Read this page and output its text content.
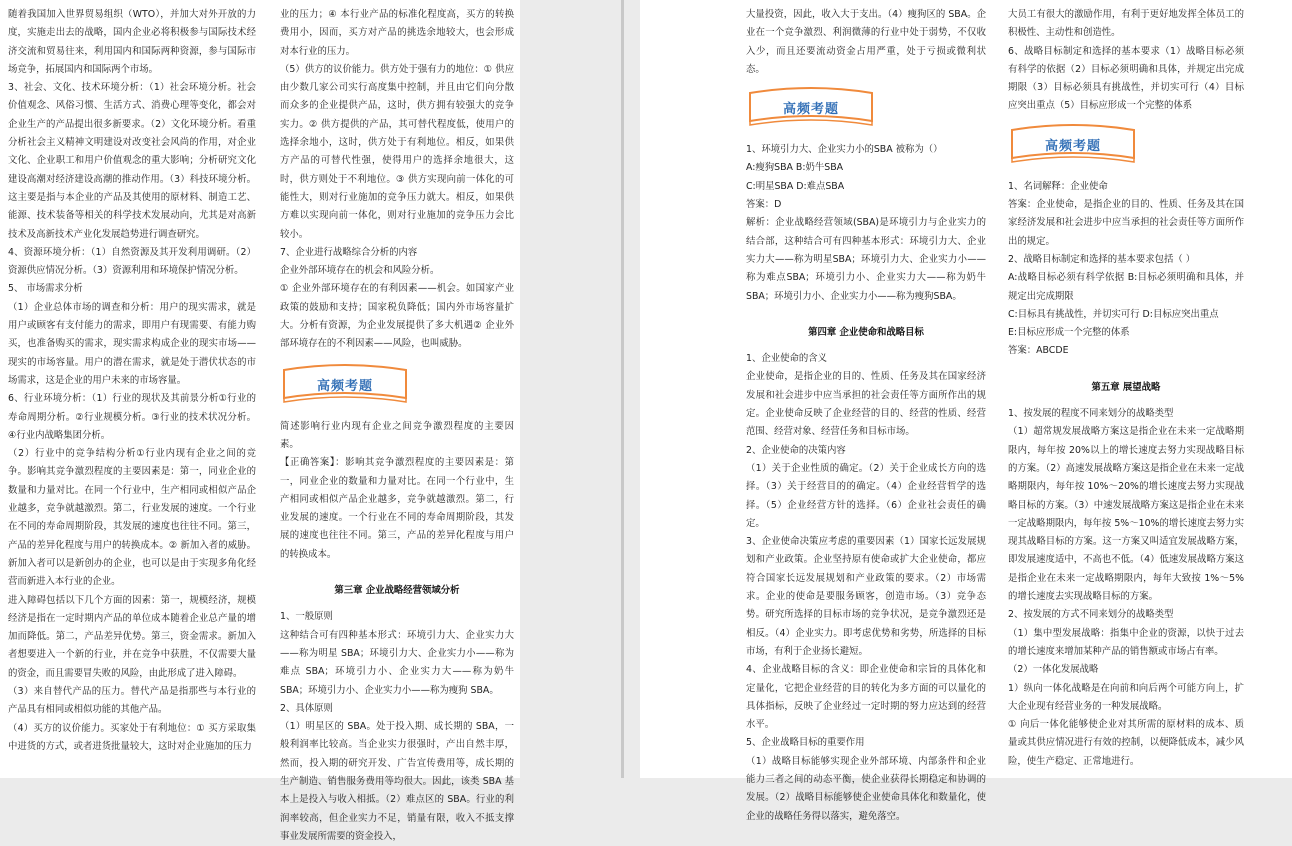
随着我国加入世界贸易组织（WTO），并加大对外开放的力度，实施走出去的战略，国内企业必将积极参与国际技术经济交流和贸易往来，利用国内和国际两种资源，参与国际市场竞争，拓展国内和国际两个市场。
3、社会、文化、技术环境分析：（1）社会环境分析。社会价值观念、风俗习惯、生活方式、消费心理等变化，都会对企业生产的产品提出很多新要求。（2）文化环境分析。看重分析社会主义精神文明建设对改变社会风尚的作用，对企业文化、企业职工和用户价值观念的重大影响；分析研究文化建设高潮对经济建设高潮的推动作用。（3）科技环境分析。这主要是指与本企业的产品及其使用的原材料、制造工艺、能源、技术装备等相关的科学技术发展动向，尤其是对高新技术及高新技术产业化发展趋势进行调查研究。
4、资源环境分析：（1）自然资源及其开发利用调研。（2）资源供应情况分析。（3）资源利用和环境保护情况分析。
5、 市场需求分析
（1）企业总体市场的调查和分析：用户的现实需求，就是用户或顾客有支付能力的需求，即用户有现需要、有能力购买，也准备购买的需求，现实需求构成企业的现实市场——现实的市场容量。用户的潜在需求，就是处于潜伏状态的市场需求，这是企业的用户未来的市场容量。
6、行业环境分析：（1）行业的现状及其前景分析①行业的寿命周期分析。②行业规模分析。③行业的技术状况分析。④行业内战略集团分析。
（2）行业中的竞争结构分析①行业内现有企业之间的竞争。影响其竞争激烈程度的主要因素是：第一，同业企业的数量和力量对比。在同一个行业中，生产相同或相似产品企业越多，竞争就越激烈。第二，行业发展的速度。一个行业在不同的寿命周期阶段，其发展的速度也往往不同。第三，产品的差异化程度与用户的转换成本。② 新加入者的威胁。新加入者可以是新创办的企业，也可以是由于实现多角化经营而新进入本行业的企业。
进入障碍包括以下几个方面的因素：第一，规模经济，规模经济是指在一定时期内产品的单位成本随着企业总产量的增加而降低。第二，产品差异优势。第三，资金需求。新加入者想要进入一个新的行业，并在竞争中获胜，不仅需要大量的资金，而且需要冒失败的风险，由此形成了进入障碍。
（3）来自替代产品的压力。替代产品是指那些与本行业的产品具有相同或相似功能的其他产品。
（4）买方的议价能力。买家处于有利地位：① 买方采取集中进货的方式，或者进货批量较大，这时对企业施加的压力
业的压力；④ 本行业产品的标准化程度高，买方的转换费用小，因而，买方对产品的挑选余地较大，也会形成对本行业的压力。
（5）供方的议价能力。供方处于强有力的地位：① 供应由少数几家公司实行高度集中控制，并且由它们向分散而众多的企业提供产品，这时，供方拥有较强大的竞争实力。② 供方提供的产品，其可替代程度低，使用户的选择余地小，这时，供方处于有利地位。相反，如果供方产品的可替代性强，使得用户的选择余地很大，这时，供方则处于不利地位。③ 供方实现向前一体化的可能性大，则对行业施加的竞争压力就大。相反，如果供方难以实现向前一体化，则对行业施加的竞争压力会比较小。
7、企业进行战略综合分析的内容
企业外部环境存在的机会和风险分析。
① 企业外部环境存在的有利因素——机会。如国家产业政策的鼓励和支持；国家税负降低；国内外市场容量扩大。分析有资源，为企业发展提供了多大机遇② 企业外部环境存在的不利因素——风险，也叫威胁。
高频考题
简述影响行业内现有企业之间竞争激烈程度的主要因素。
【正确答案】：影响其竞争激烈程度的主要因素是：第一，同业企业的数量和力量对比。在同一个行业中，生产相同或相似产品企业越多，竞争就越激烈。第二，行业发展的速度。一个行业在不同的寿命周期阶段，其发展的速度也往往不同。第三，产品的差异化程度与用户的转换成本。
第三章 企业战略经营领域分析
1、一般原则
这种结合可有四种基本形式：环境引力大、企业实力大——称为明星 SBA；环境引力大、企业实力小——称为难点 SBA；环境引力小、企业实力大——称为奶牛 SBA；环境引力小、企业实力小——称为瘦狗 SBA。
2、具体原则
（1）明星区的 SBA。处于投入期、成长期的 SBA，一般利润率比较高。当企业实力很强时，产出自然丰厚，然而，投入期的研究开发、广告宣传费用等，成长期的生产制造、销售服务费用等均很大。因此，该类 SBA 基本上是投入与收入相抵。（2）难点区的 SBA。行业的利润率较高，但企业实力不足，销量有限，收入不抵支撑事业发展所需要的资金投入，
大量投资，因此，收入大于支出。（4）瘦狗区的 SBA。企业在一个竞争激烈、利润微薄的行业中处于弱势，不仅收入少，而且还要流动资金占用严重，处于亏损或微利状态。
高频考题
1、环境引力大、企业实力小的SBA 被称为（）
A:瘦狗SBA B:奶牛SBA
C:明星SBA D:难点SBA
答案：D
解析：企业战略经营领域(SBA)是环境引力与企业实力的结合部，这种结合可有四种基本形式：环境引力大、企业实力大——称为明星SBA；环境引力大、企业实力小——称为难点SBA；环境引力小、企业实力大——称为奶牛SBA；环境引力小、企业实力小——称为瘦狗SBA。
第四章 企业使命和战略目标
1、企业使命的含义
企业使命，是指企业的目的、性质、任务及其在国家经济发展和社会进步中应当承担的社会责任等方面所作出的规定。企业使命反映了企业经营的目的、经营的性质、经营范围、经营对象、经营任务和目标市场。
2、企业使命的决策内容
（1）关于企业性质的确定。（2）关于企业成长方向的选择。（3）关于经营目的的确定。（4）企业经营哲学的选择。（5）企业经营方针的选择。（6）企业社会责任的确定。
3、企业使命决策应考虑的重要因素（1）国家长远发展规划和产业政策。企业坚持原有使命或扩大企业使命，都应符合国家长远发展规划和产业政策的要求。（2）市场需求。企业的使命是要服务顾客，创造市场。（3）竞争态势。研究所选择的目标市场的竞争状况，是竞争激烈还是相反。（4）企业实力。即考虑优势和劣势，所选择的目标市场，有利于企业扬长避短。
4、企业战略目标的含义：即企业使命和宗旨的具体化和定量化，它把企业经营的目的转化为多方面的可以量化的具体指标，反映了企业经过一定时期的努力应达到的经营水平。
5、企业战略目标的重要作用
（1）战略目标能够实现企业外部环境、内部条件和企业能力三者之间的动态平衡，使企业获得长期稳定和协调的发展。（2）战略目标能够使企业使命具体化和数量化，使企业的战略任务得以落实，避免落空。
大员工有很大的激励作用，有利于更好地发挥全体员工的积极性、主动性和创造性。
6、战略目标制定和选择的基本要求（1）战略目标必须有科学的依据（2）目标必须明确和具体，并规定出完成期限（3）目标必须具有挑战性，并切实可行（4）目标应突出重点（5）目标应形成一个完整的体系
高频考题
1、名词解释：企业使命
答案：企业使命，是指企业的目的、性质、任务及其在国家经济发展和社会进步中应当承担的社会责任等方面所作出的规定。
2、战略目标制定和选择的基本要求包括（ ）
A:战略目标必须有科学依据 B:目标必须明确和具体，并规定出完成期限
C:目标具有挑战性，并切实可行 D:目标应突出重点
E:目标应形成一个完整的体系
答案：ABCDE
第五章 展望战略
1、按发展的程度不同来划分的战略类型
（1）超常规发展战略方案这是指企业在未来一定战略期限内，每年按 20%以上的增长速度去努力实现战略目标的方案。（2）高速发展战略方案这是指企业在未来一定战略期限内，每年按 10%～20%的增长速度去努力实现战略目标的方案。（3）中速发展战略方案这是指企业在未来一定战略期限内，每年按 5%～10%的增长速度去努力实现其战略目标的方案。这一方案又叫适宜发展战略方案，即发展速度适中，不高也不低。（4）低速发展战略方案这是指企业在未来一定战略期限内，每年大致按 1%～5%的增长速度去实现战略目标的方案。
2、按发展的方式不同来划分的战略类型
（1）集中型发展战略：指集中企业的资源，以快于过去的增长速度来增加某种产品的销售额或市场占有率。
（2）一体化发展战略
1）纵向一体化战略是在向前和向后两个可能方向上，扩大企业现有经营业务的一种发展战略。
① 向后一体化能够使企业对其所需的原材料的成本、质量或其供应情况进行有效的控制，以便降低成本，减少风险，使生产稳定、正常地进行。
